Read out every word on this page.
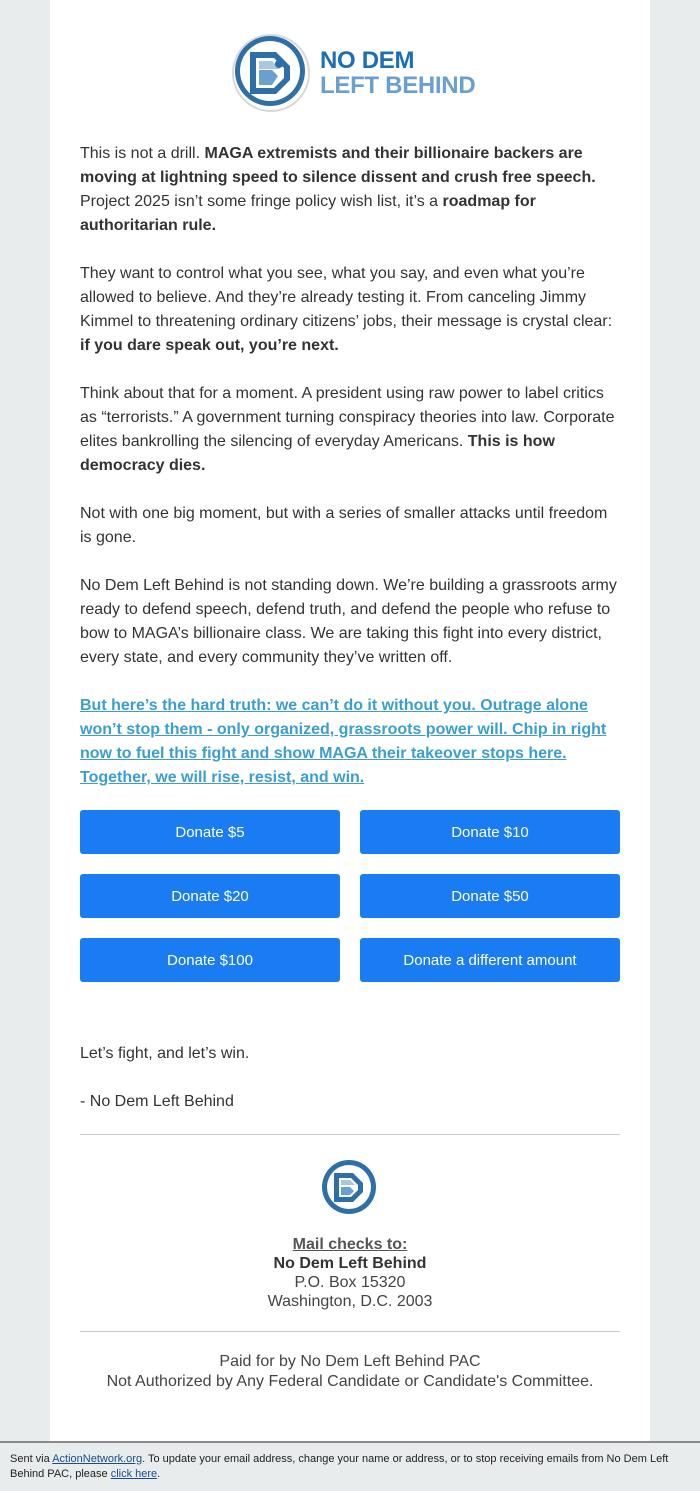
NO DEM
LEFT BEHIND

This is not a drill. MAGA extremists and their billionaire backers are moving at lightning speed to silence dissent and crush free speech. Project 2025 isn’t some fringe policy wish list, it’s a roadmap for authoritarian rule.

They want to control what you see, what you say, and even what you’re allowed to believe. And they’re already testing it. From canceling Jimmy Kimmel to threatening ordinary citizens’ jobs, their message is crystal clear: if you dare speak out, you’re next.

Think about that for a moment. A president using raw power to label critics as “terrorists.” A government turning conspiracy theories into law. Corporate elites bankrolling the silencing of everyday Americans. This is how democracy dies.

Not with one big moment, but with a series of smaller attacks until freedom is gone.

No Dem Left Behind is not standing down. We’re building a grassroots army ready to defend speech, defend truth, and defend the people who refuse to bow to MAGA’s billionaire class. We are taking this fight into every district, every state, and every community they’ve written off.

But here’s the hard truth: we can’t do it without you. Outrage alone won’t stop them - only organized, grassroots power will. Chip in right now to fuel this fight and show MAGA their takeover stops here. Together, we will rise, resist, and win.
Donate $5	Donate $10
Donate $20	Donate $50
Donate $100	Donate a different amount

Let’s fight, and let’s win.

- No Dem Left Behind

Mail checks to:
No Dem Left Behind
P.O. Box 15320
Washington, D.C. 2003
Paid for by No Dem Left Behind PAC
Not Authorized by Any Federal Candidate or Candidate's Committee.
Sent via ActionNetwork.org. To update your email address, change your name or address, or to stop receiving emails from No Dem Left Behind PAC, please click here.
